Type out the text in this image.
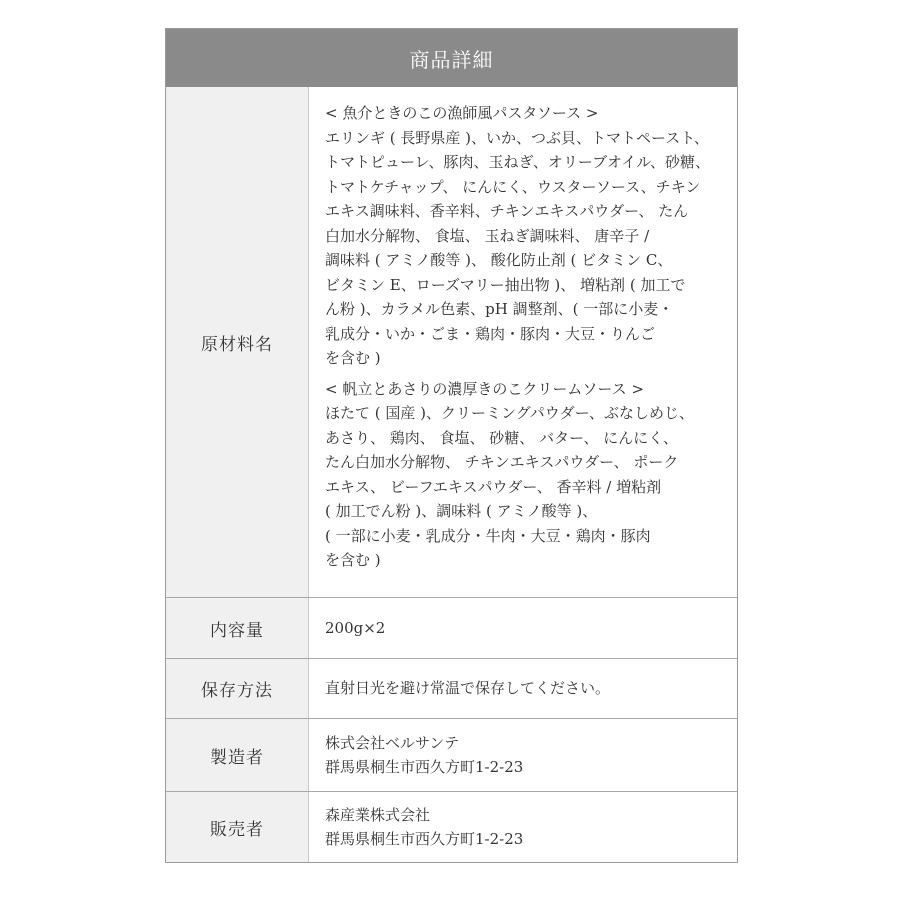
商品詳細
原材料名
< 魚介ときのこの漁師風パスタソース >
エリンギ ( 長野県産 )、いか、つぶ貝、トマトペースト、
トマトピューレ、豚肉、玉ねぎ、オリーブオイル、砂糖、
トマトケチャップ、 にんにく、ウスターソース、チキン
エキス調味料、香辛料、チキンエキスパウダー、 たん
白加水分解物、 食塩、 玉ねぎ調味料、 唐辛子 /
調味料 ( アミノ酸等 )、 酸化防止剤 ( ビタミン C、
ビタミン E、ローズマリー抽出物 )、 増粘剤 ( 加工で
ん粉 )、カラメル色素、pH 調整剤、( 一部に小麦・
乳成分・いか・ごま・鶏肉・豚肉・大豆・りんご
を含む )
< 帆立とあさりの濃厚きのこクリームソース >
ほたて ( 国産 )、クリーミングパウダー、ぶなしめじ、
あさり、 鶏肉、 食塩、 砂糖、 バター、 にんにく、
たん白加水分解物、 チキンエキスパウダー、 ポーク
エキス、 ビーフエキスパウダー、 香辛料 / 増粘剤
( 加工でん粉 )、調味料 ( アミノ酸等 )、
( 一部に小麦・乳成分・牛肉・大豆・鶏肉・豚肉
を含む )
内容量	200g×2
保存方法	直射日光を避け常温で保存してください。
製造者
株式会社ベルサンテ
群馬県桐生市西久方町1-2-23
販売者
森産業株式会社
群馬県桐生市西久方町1-2-23
